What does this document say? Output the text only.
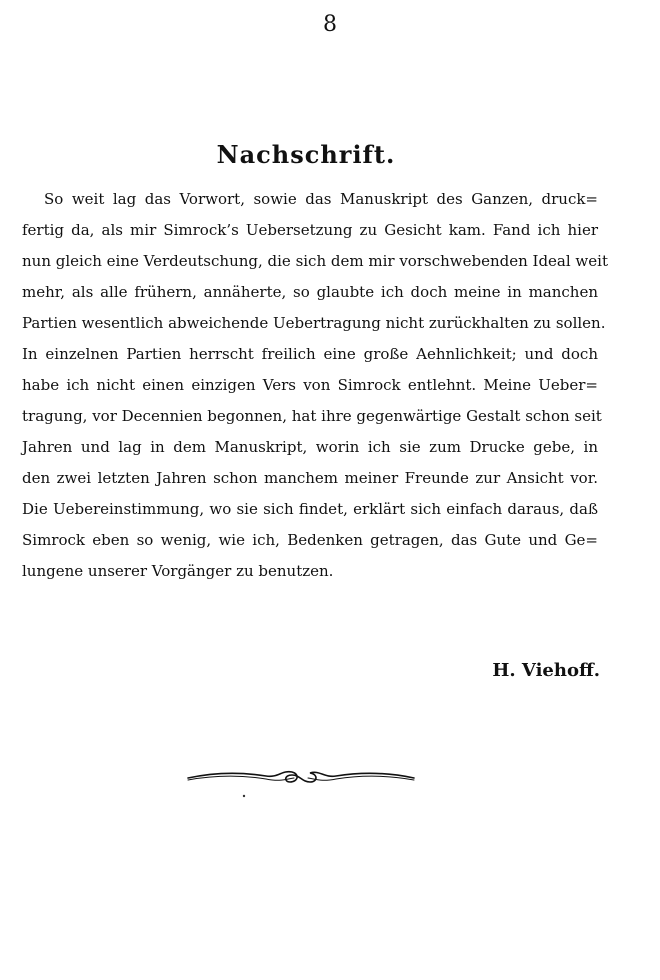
8
Nachschrift.
So weit lag das Vorwort, sowie das Manuskript des Ganzen, druck=
fertig da, als mir Simrock’s Uebersetzung zu Gesicht kam. Fand ich hier
nun gleich eine Verdeutschung, die sich dem mir vorschwebenden Ideal weit
mehr, als alle frühern, annäherte, so glaubte ich doch meine in manchen
Partien wesentlich abweichende Uebertragung nicht zurückhalten zu sollen.
In einzelnen Partien herrscht freilich eine große Aehnlichkeit; und doch
habe ich nicht einen einzigen Vers von Simrock entlehnt. Meine Ueber=
tragung, vor Decennien begonnen, hat ihre gegenwärtige Gestalt schon seit
Jahren und lag in dem Manuskript, worin ich sie zum Drucke gebe, in
den zwei letzten Jahren schon manchem meiner Freunde zur Ansicht vor.
Die Uebereinstimmung, wo sie sich findet, erklärt sich einfach daraus, daß
Simrock eben so wenig, wie ich, Bedenken getragen, das Gute und Ge=
lungene unserer Vorgänger zu benutzen.
H. Viehoff.
